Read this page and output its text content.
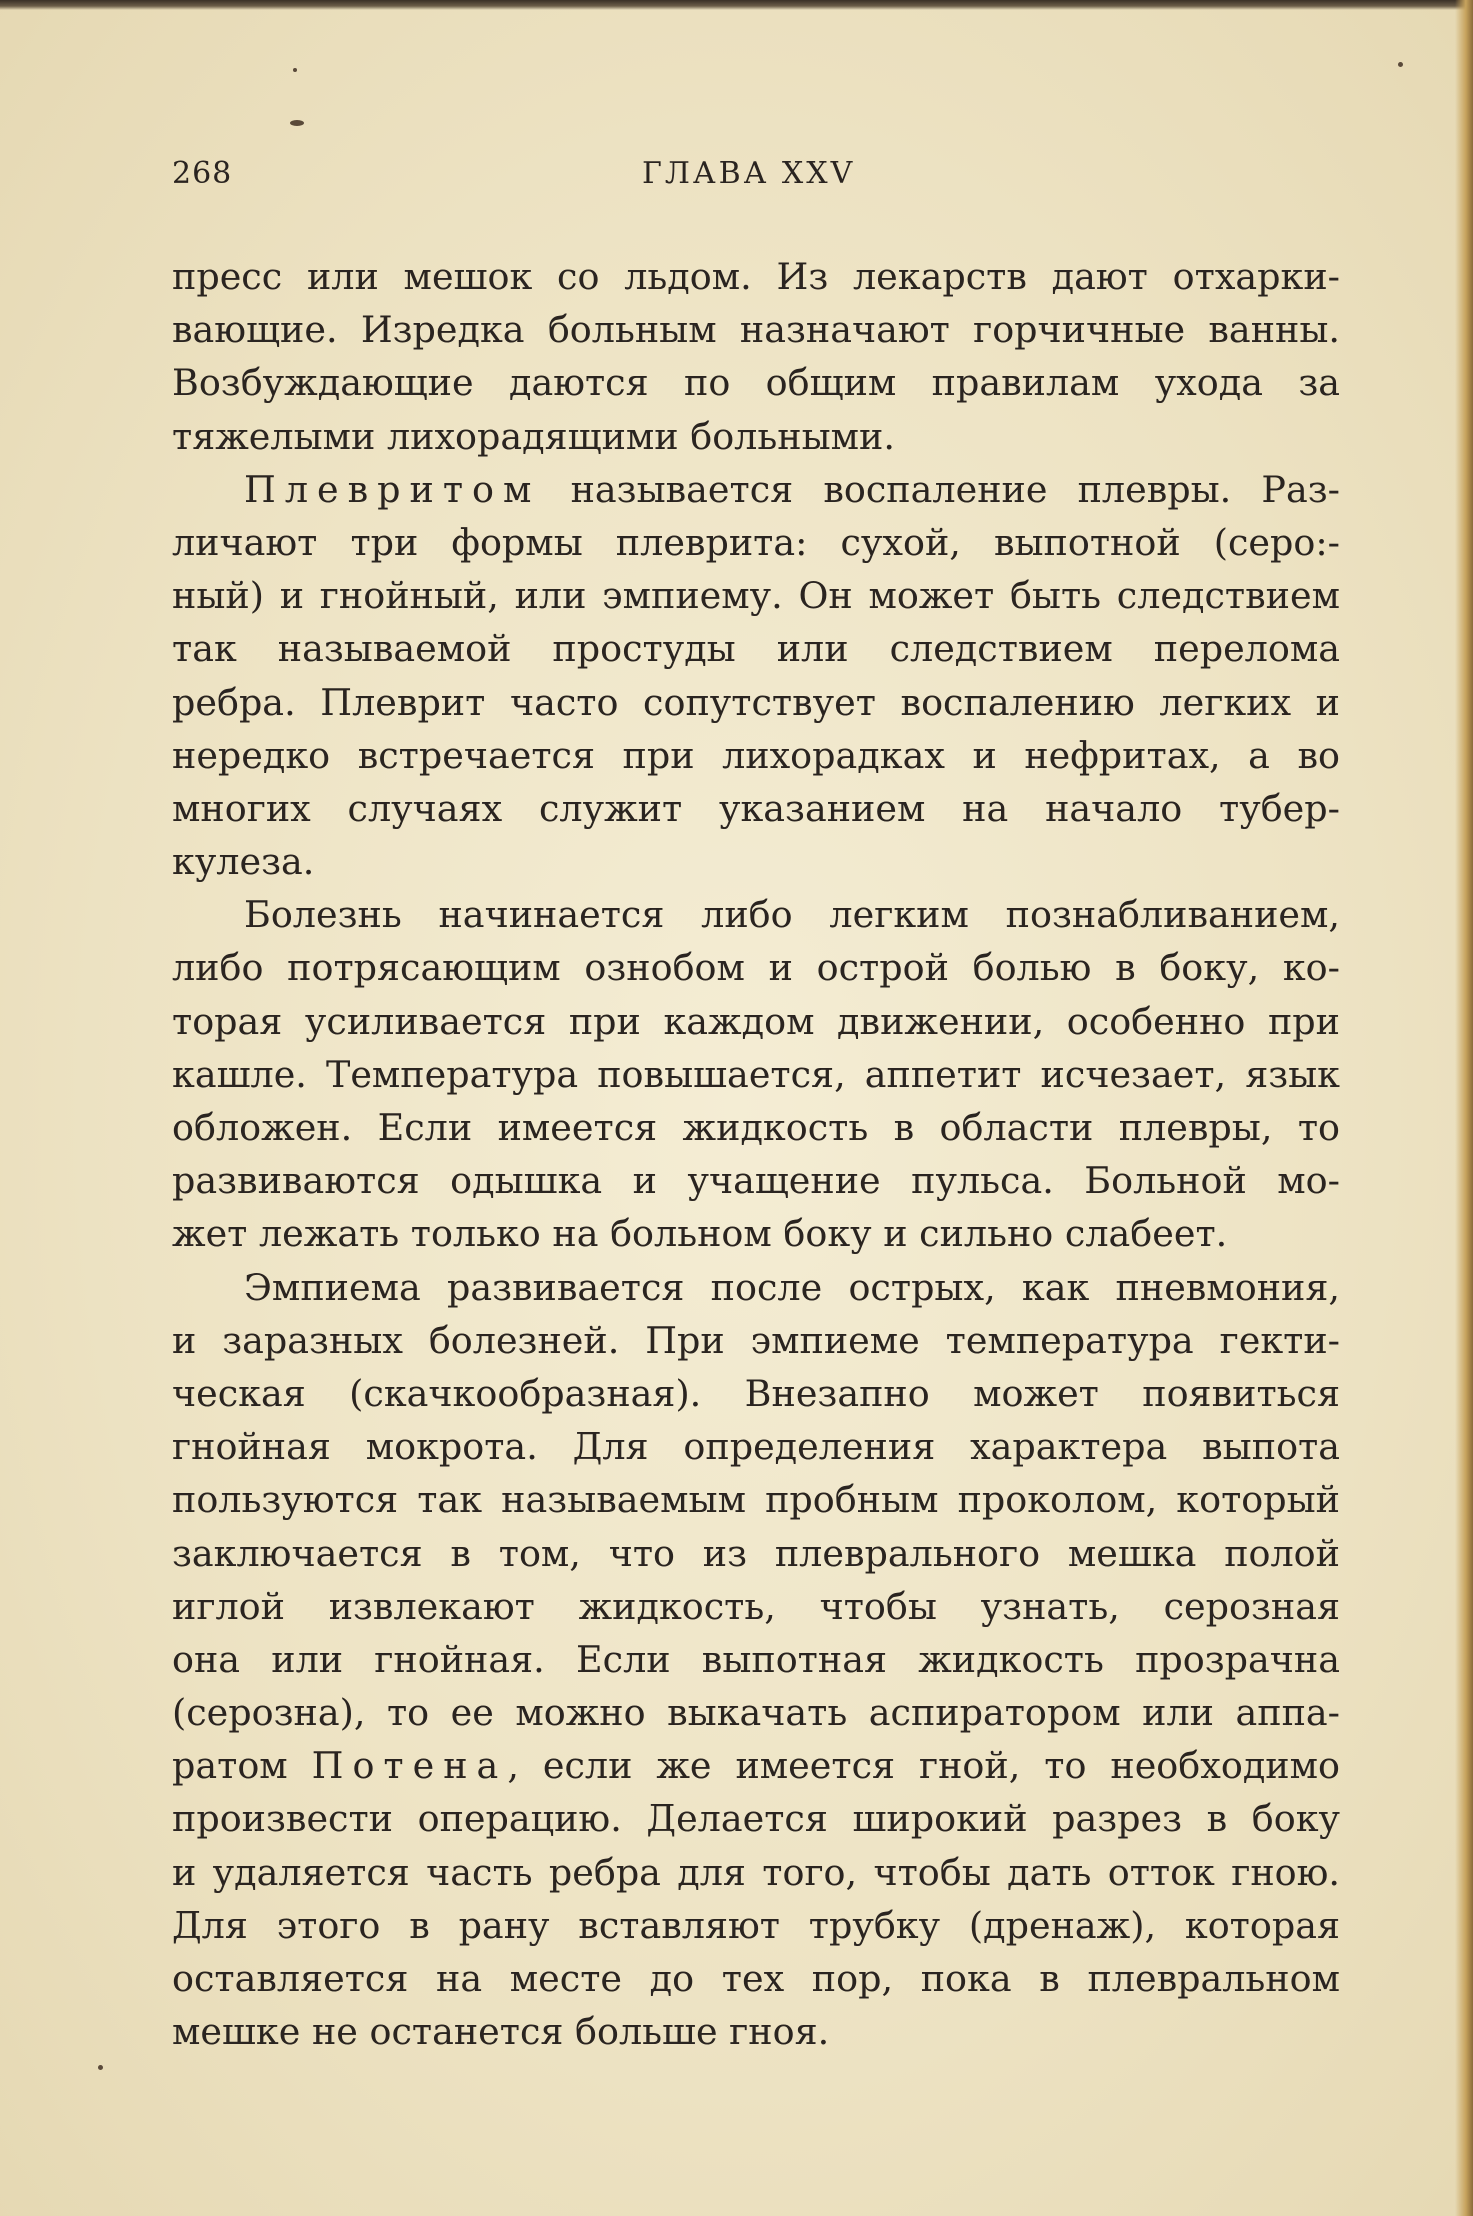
268	ГЛАВА XXV
пресс или мешок со льдом. Из лекарств дают отхарки-
вающие. Изредка больным назначают горчичные ванны.
Возбуждающие даются по общим правилам ухода за
тяжелыми лихорадящими больными.
Плевритом называется воспаление плевры. Раз-
личают три формы плеврита: сухой, выпотной (серо:-
ный) и гнойный, или эмпиему. Он может быть следствием
так называемой простуды или следствием перелома
ребра. Плеврит часто сопутствует воспалению легких и
нередко встречается при лихорадках и нефритах, а во
многих случаях служит указанием на начало тубер-
кулеза.
Болезнь начинается либо легким познабливанием,
либо потрясающим ознобом и острой болью в боку, ко-
торая усиливается при каждом движении, особенно при
кашле. Температура повышается, аппетит исчезает, язык
обложен. Если имеется жидкость в области плевры, то
развиваются одышка и учащение пульса. Больной мо-
жет лежать только на больном боку и сильно слабеет.
Эмпиема развивается после острых, как пневмония,
и заразных болезней. При эмпиеме температура гекти-
ческая (скачкообразная). Внезапно может появиться
гнойная мокрота. Для определения характера выпота
пользуются так называемым пробным проколом, который
заключается в том, что из плеврального мешка полой
иглой извлекают жидкость, чтобы узнать, серозная
она или гнойная. Если выпотная жидкость прозрачна
(серозна), то ее можно выкачать аспиратором или аппа-
ратом Потена, если же имеется гной, то необходимо
произвести операцию. Делается широкий разрез в боку
и удаляется часть ребра для того, чтобы дать отток гною.
Для этого в рану вставляют трубку (дренаж), которая
оставляется на месте до тех пор, пока в плевральном
мешке не останется больше гноя.
